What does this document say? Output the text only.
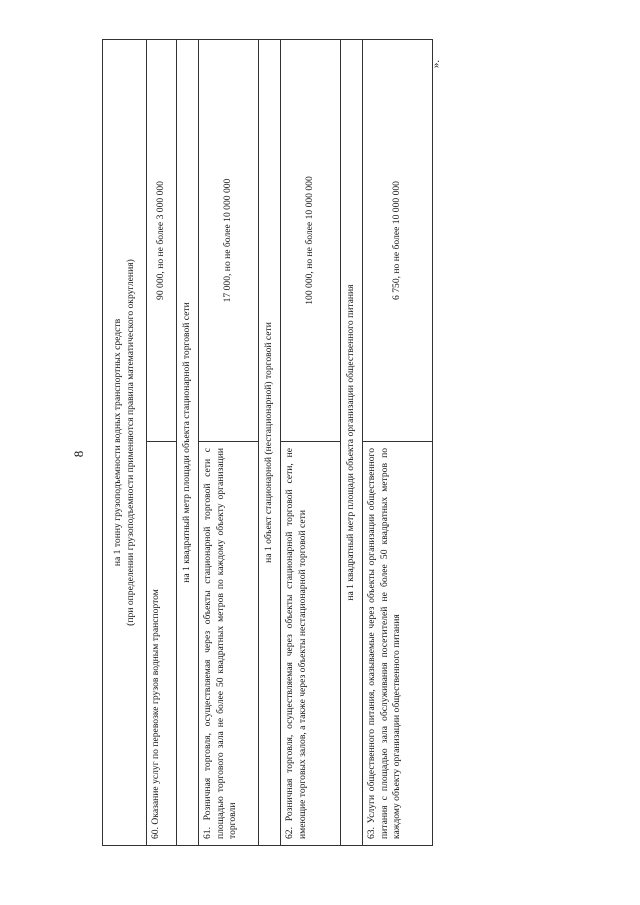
8
».
на 1 тонну грузоподъемности водных транспортных средств (при определении грузоподъемности применяются правила математического округления)	

60. Оказание услуг по перевозке грузов водным транспортом	90 000, но не более 3 000 000
на 1 квадратный метр площади объекта стационарной торговой сети	
61. Розничная торговля, осуществляемая через объекты стационарной торговой сети с площадью торгового зала не более 50 квадратных метров по каждому объекту организации торговли	17 000, но не более 10 000 000
на 1 объект стационарной (нестационарной) торговой сети	
62. Розничная торговля, осуществляемая через объекты стационарной торговой сети, не имеющие торговых залов, а также через объекты нестационарной торговой сети	100 000, но не более 10 000 000
на 1 квадратный метр площади объекта организации общественного питания	
63. Услуги общественного питания, оказываемые через объекты организации общественного питания с площадью зала обслуживания посетителей не более 50 квадратных метров по каждому объекту организации общественного питания	6 750, но не более 10 000 000
